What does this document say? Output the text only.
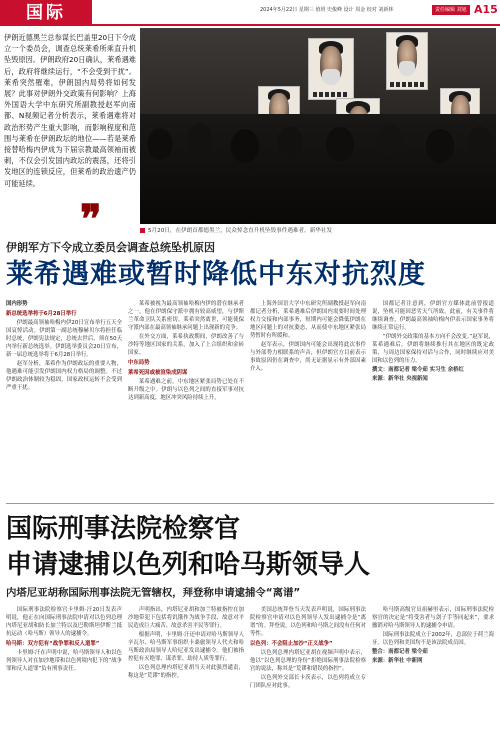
国际	2024年5月22日 星期三 值班 史俊峰 设计 周金 校对 刘新林	责任编辑 刘旭 A15
伊朗近德黑兰总参谋长巴盖里20日下令成立一个委员会，调查总统莱希所乘直升机坠毁原因。伊朗政府20日确认，莱希遇难后，政府将继续运行，“不会受到干扰”。莱希突然罹难，伊朗国内局势将如何发展？此事对伊朗外交政策有何影响？上海外国语大学中东研究所副教授赵军向南都、N视频记者分析表示，莱希遇难将对政治形势产生重大影响，而影响程度和范围与莱希在伊朗政坛的地位——若是莱希接替哈梅内伊成为下届宗教最高领袖而被刺，不仅会引发国内政坛的震荡，还将引发地区的连锁反应，但莱希的政治遗产仍可能延续。
❞	5月20日，在伊朗首都德黑兰，民众悼念直升机坠毁事件遇难者。新华社发
伊朗军方下令成立委员会调查总统坠机原因
莱希遇难或暂时降低中东对抗烈度

国内形势

新总统选举将于6月28日举行

伊朗最高领袖哈梅内伊20日宣布举行五天全国哀悼活动。伊朗第一副总统穆赫贝尔将担任临时总统，伊朗宪法规定，总统去世后，须在50天内举行新总统选举。伊朗选举委员会20日宣布，新一届总统选举将于6月28日举行。

赵军分析，莱希作为伊朗政坛的重要人物，他遇难可能引发伊朗国内权力格局的调整。不过伊朗政治体制较为稳固，国家政权运转不会受到严重干扰。

莱希被视为最高领袖哈梅内伊的潜在继承者之一。他在伊朗保守派中拥有较高威望，与伊斯兰革命卫队关系密切。莱希突然离世，可能使保守派内部在最高领袖继承问题上出现新的竞争。

在外交方面，莱希执政期间，伊朗改善了与沙特等地区国家的关系，加入了上合组织和金砖国家。

中东局势

莱希死因或被渲染成阴谋

莱希遇难之前，中东地区紧张局势已处在不断升级之中。伊朗与以色列之间的直接军事对抗达到新高度，地区冲突风险持续上升。

上海外国语大学中东研究所副教授赵军向南都记者分析，莱希遇难后伊朗国内需要时间处理权力交接和内部事务，短期内可能会降低伊朗在地区问题上的对抗姿态，从而使中东地区紧张局势暂时有所缓和。

赵军表示，伊朗国内可能会出现将此次事件与外部势力相联系的声音，但伊朗官方目前表示事故原因仍在调查中，尚无证据显示有外部因素介入。

国都记者注意到，伊朗官方媒体此前曾报道说，坠机可能因恶劣天气所致。此前，有关事件将继续调查，伊朗最高领袖哈梅内伊表示国家事务将继续正常运行。

“伊朗外交政策的基本方向不会改变。”赵军说，莱希遇难后，伊朗将继续推行其在地区的既定政策，与周边国家保持对话与合作，同时继续应对美国和以色列的压力。

撰文：南都记者 梁令茹 实习生 余桥红

来源：新华社 央视新闻

国际刑事法院检察官
申请逮捕以色列和哈马斯领导人
内塔尼亚胡称国际刑事法院无管辖权，拜登称申请逮捕令“离谱”

国际刑事法院检察官卡里姆·汗20日发表声明说，他正在向国际刑事法院申请对以色列总理内塔尼亚胡和防长加兰特以及巴勒斯坦伊斯兰抵抗运动（哈马斯）领导人的逮捕令。

哈马斯：双方犯有“战争罪和反人道罪”

卡里姆·汗在声明中说，哈马斯领导人和以色列领导人对在加沙地带和以色列境内犯下的“战争罪和反人道罪”负有刑事责任。

声明指出，内塔尼亚胡和加兰特被指控在加沙地带犯下包括将饥饿作为战争手段、故意对平民造成巨大痛苦、故意杀害平民等罪行。

根据声明，卡里姆·汗还申请对哈马斯领导人辛瓦尔、哈马斯军事组织卡桑旅领导人代夫和哈马斯政治局领导人哈尼亚发出逮捕令。他们被指控犯有灭绝罪、谋杀罪、劫持人质等罪行。

以色列总理内塔尼亚胡当天对此强烈谴责，称这是“荒谬”的指控。

美国总统拜登当天发表声明说，国际刑事法院检察官申请对以色列领导人发出逮捕令是“离谱”的。拜登说，以色列和哈马斯之间没有任何对等性。

以色列：不会阻止加沙“正义战争”

以色列总理内塔尼亚胡在视频声明中表示，他以“以色列总理的身份”拒绝国际刑事法院检察官的说法，称其是“荒谬和错误的指控”。

以色列外交部长卡茨表示，以色列将成立专门团队应对此事。

哈马斯高级官员祖赫里表示，国际刑事法院检察官的决定是“将受害者与刽子手等同起来”，要求撤销对哈马斯领导人的逮捕令申请。

国际刑事法院成立于2002年，总部位于荷兰海牙。以色列和美国均不是该法院成员国。

整合：南都记者 梁令茹

来源：新华社 中新网
